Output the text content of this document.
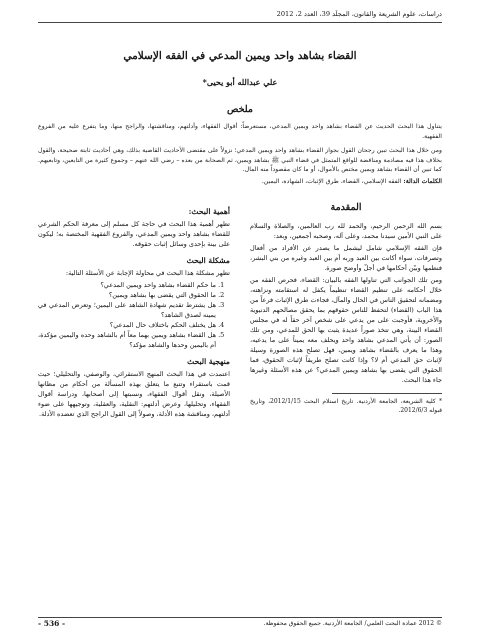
دراسات، علوم الشريعة والقانون، المجلّد 39، العدد 2، 2012
القضاء بشاهد واحد ويمين المدعي في الفقه الإسلامي
علي عبدالله أبو يحيى*
ملخص

يتناول هذا البحث الحديث عن القضاء بشاهد واحد ويمين المدعي، مستعرضاً: أقوال الفقهاء، وأدلتهم، ومناقشتها، والراجح منها، وما يتفرع عليه من الفروع الفقهية.

ومن خلال هذا البحث تبين رجحان القول بجواز القضاء بشاهد واحد ويمين المدعي؛ نزولاً على مقتضى الأحاديث القاضية بذلك، وهي أحاديث ثابتة صحيحة، والقول بخلاف هذا فيه مصادمة ومناقضة للواقع المتمثل في قضاء النبي ﷺ بشاهد ويمين، ثم الصحابة من بعده – رضي الله عنهم – وجموع كثيرة من التابعين، وتابعيهم. كما تبين أن القضاء بشاهد ويمين مختص بالأموال، أو ما كان مقصوداً منه المال.

الكلمات الدالة: الفقه الإسلامي، القضاء، طرق الإثبات، الشهادة، اليمين.
المقدمة

بسم الله الرحمن الرحيم، والحمد لله رب العالمين، والصلاة والسلام على النبي الأمين سيدنا محمد، وعلى آله، وصحبه أجمعين، وبعد:

فإن الفقه الإسلامي شامل ليشمل ما يصدر عن الأفراد من أفعال وتصرفات، سواء أكانت بين العبد وربه أم بين العبد وغيره من بني البشر، فنظمها وبيّن أحكامها في أجلّ وأوضح صورة.

ومن تلك الجوانب التي تناولها الفقه بالبيان: القضاء، فحرص الفقه من خلال أحكامه على تنظيم القضاء تنظيماً يكفل له استقامته ونزاهته، ومضمانه لتحقيق الناس في الحال والمآل، فجاءت طرق الإثبات فرعاً من هذا الباب (القضاء) لتحفظ للناس حقوقهم بما يحقق مصالحهم الدنيوية والأخروية، فأوجبت على من يدعي على شخص آخر حقاً له في مجلس القضاء البينة، وهي تتخذ صوراً عديدة يثبت بها الحق للمدعي، ومن تلك الصور: أن يأتي المدعي بشاهد واحد ويحلف معه يميناً على ما يدعيه، وهذا ما يعرف بالقضاء بشاهد ويمين، فهل تصلح هذه الصورة وسيلة لإثبات حق المدعي أم لا؟ وإذا كانت تصلح طريقاً لإثبات الحقوق، فما الحقوق التي يقضى بها بشاهد ويمين المدعي؟ عن هذه الأسئلة وغيرها جاء هذا البحث.

* كلية الشريعة، الجامعة الأردنية. تاريخ استلام البحث 2012/1/15، وتاريخ قبوله 2012/6/3.
أهمية البحث:

تظهر أهمية هذا البحث في حاجة كل مسلم إلى معرفة الحكم الشرعي للقضاء بشاهد واحد ويمين المدعي، والفروع الفقهية المختصة به؛ ليكون على بينة بإحدى وسائل إثبات حقوقه.

مشكلة البحث

تظهر مشكلة هذا البحث في محاولة الإجابة عن الأسئلة التالية:

1. ما حكم القضاء بشاهد واحد ويمين المدعي؟
2. ما الحقوق التي يقضى بها بشاهد ويمين؟
3. هل يشترط تقديم شهادة الشاهد على اليمين؛ وتعرض المدعي في يمينه لصدق الشاهد؟
4. هل يختلف الحكم باختلاف حال المدعي؟
5. هل القضاء بشاهد ويمين بهما معاً أم بالشاهد وحده واليمين مؤكدة، أم باليمين وحدها والشاهد مؤكد؟
منهجية البحث

اعتمدت في هذا البحث المنهج الاستقرائي، والوصفي، والتحليلي؛ حيث قمت باستقراء وتتبع ما يتعلق بهذه المسألة من أحكام من مظانها الأصيلة، ونقل أقوال الفقهاء، ونسبتها إلى أصحابها، ودراسة أقوال الفقهاء، وتحليلها، وعرض أدلتهم: النقلية، والعقلية، وتوجيهها على ضوء أدلتهم، ومناقشة هذه الأدلة، وصولاً إلى القول الراجح الذي تعضده الأدلة.

© 2012 عمادة البحث العلمي/ الجامعة الأردنية. جميع الحقوق محفوظة.
- 536 -
